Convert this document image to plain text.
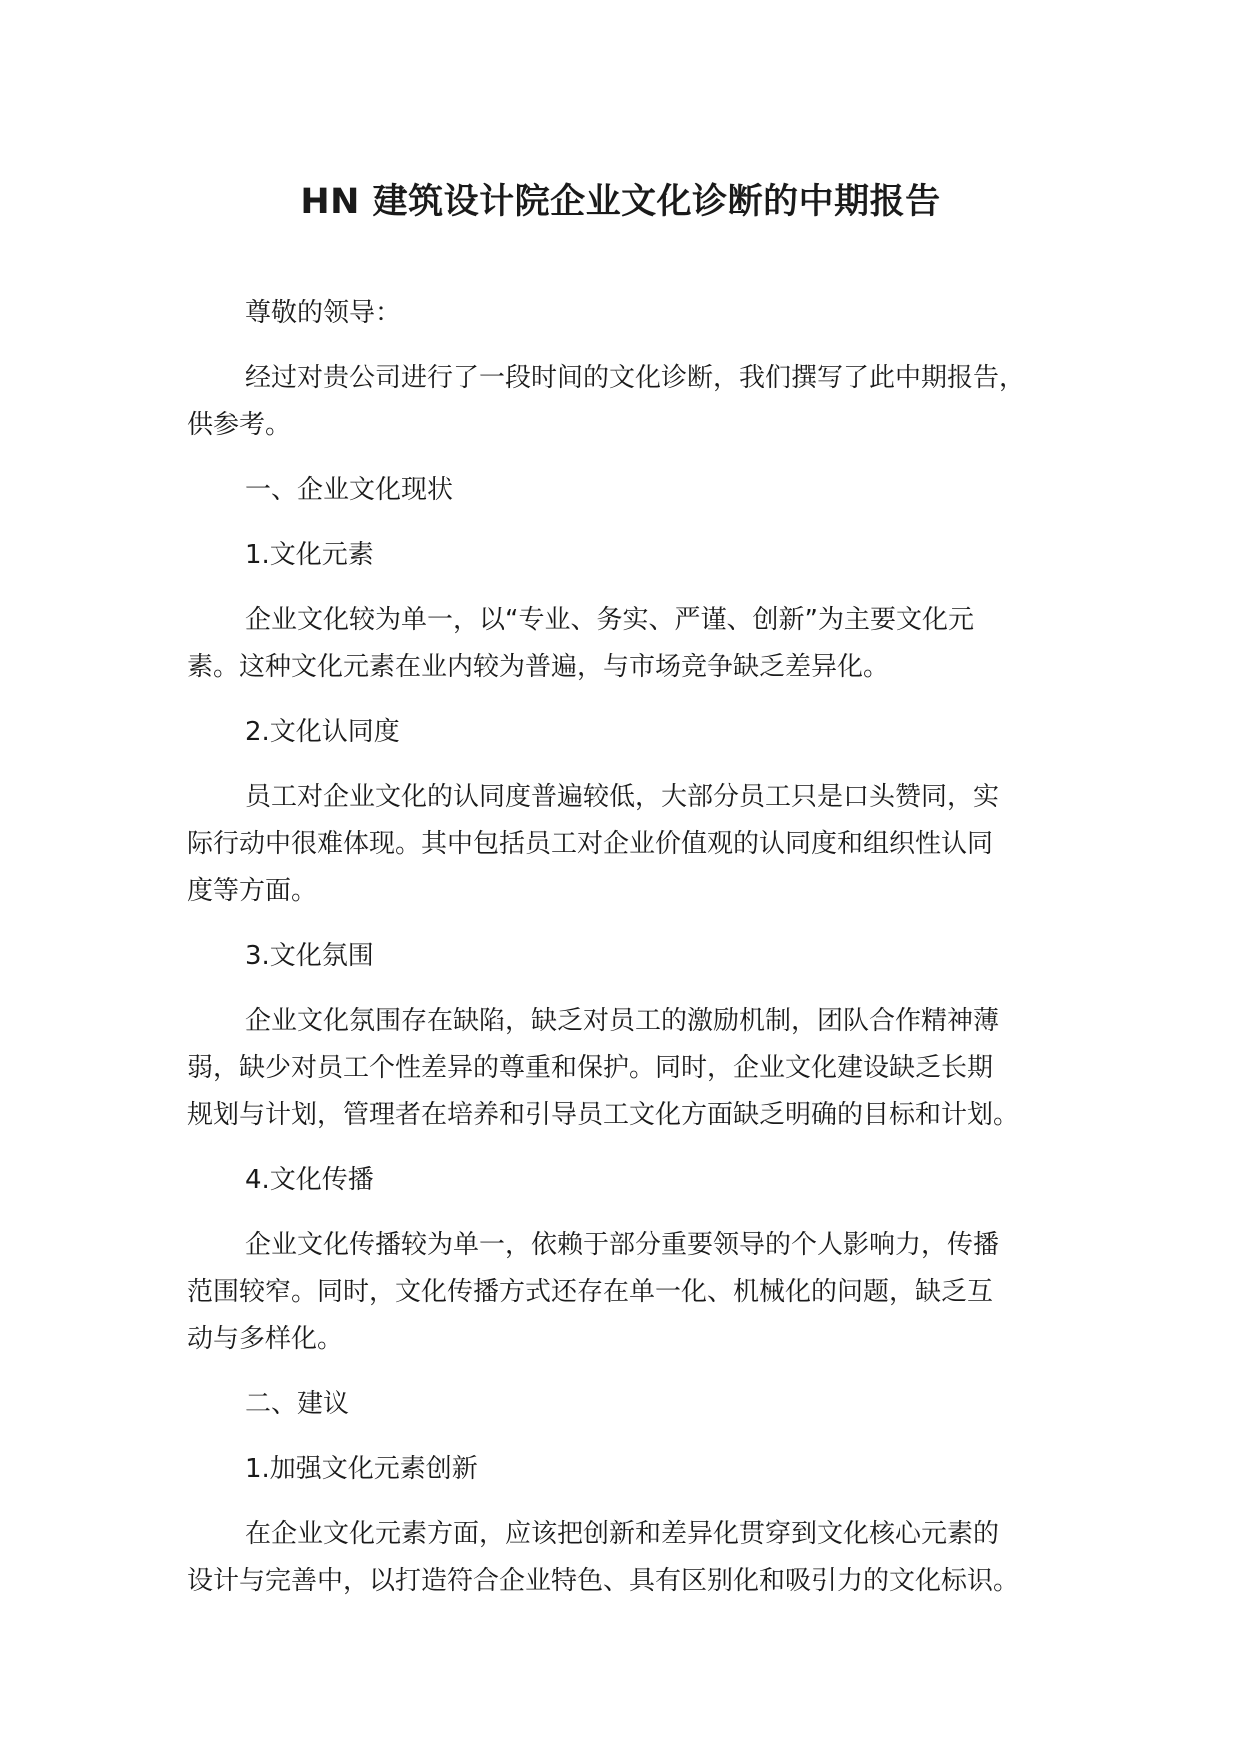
HN 建筑设计院企业文化诊断的中期报告

尊敬的领导：

经过对贵公司进行了一段时间的文化诊断，我们撰写了此中期报告，
供参考。

一、企业文化现状

1.文化元素

企业文化较为单一，以“专业、务实、严谨、创新”为主要文化元
素。这种文化元素在业内较为普遍，与市场竞争缺乏差异化。

2.文化认同度

员工对企业文化的认同度普遍较低，大部分员工只是口头赞同，实
际行动中很难体现。其中包括员工对企业价值观的认同度和组织性认同
度等方面。

3.文化氛围

企业文化氛围存在缺陷，缺乏对员工的激励机制，团队合作精神薄
弱，缺少对员工个性差异的尊重和保护。同时，企业文化建设缺乏长期
规划与计划，管理者在培养和引导员工文化方面缺乏明确的目标和计划。

4.文化传播

企业文化传播较为单一，依赖于部分重要领导的个人影响力，传播
范围较窄。同时，文化传播方式还存在单一化、机械化的问题，缺乏互
动与多样化。

二、建议

1.加强文化元素创新

在企业文化元素方面，应该把创新和差异化贯穿到文化核心元素的
设计与完善中，以打造符合企业特色、具有区别化和吸引力的文化标识。
